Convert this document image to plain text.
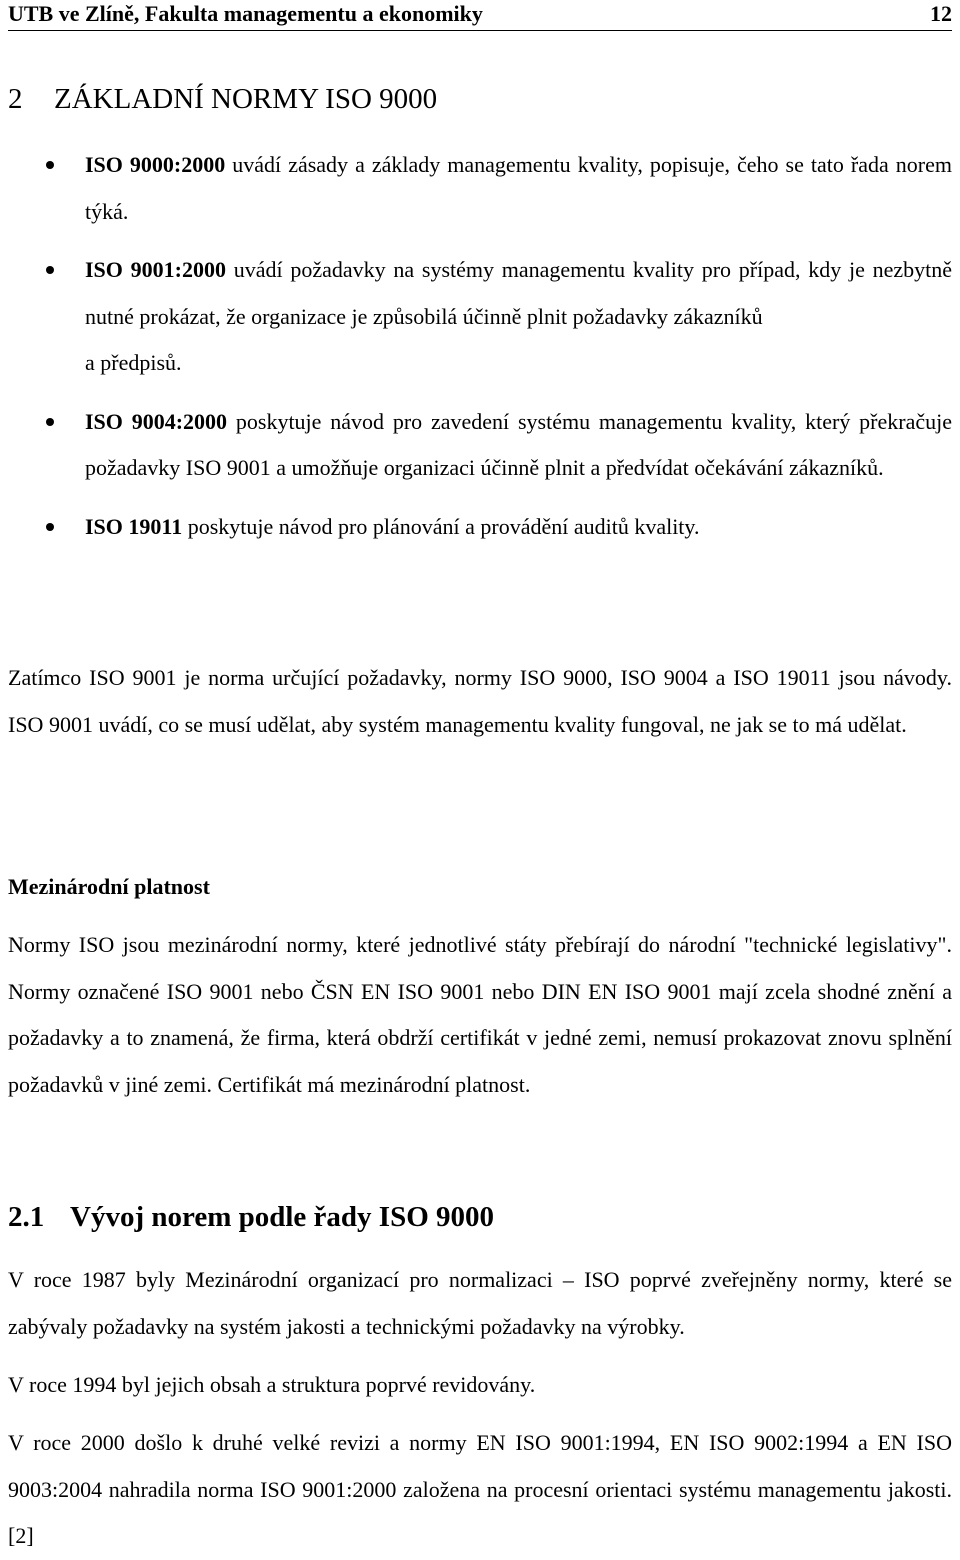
UTB ve Zlíně, Fakulta managementu a ekonomiky	12
2 ZÁKLADNÍ NORMY ISO 9000
ISO 9000:2000 uvádí zásady a základy managementu kvality, popisuje, čeho se tato řada norem týká.
ISO 9001:2000 uvádí požadavky na systémy managementu kvality pro případ, kdy je nezbytně nutné prokázat, že organizace je způsobilá účinně plnit požadavky zákazníků
a předpisů.
ISO 9004:2000 poskytuje návod pro zavedení systému managementu kvality, který překračuje požadavky ISO 9001 a umožňuje organizaci účinně plnit a předvídat očekávání zákazníků.
ISO 19011 poskytuje návod pro plánování a provádění auditů kvality.

Zatímco ISO 9001 je norma určující požadavky, normy ISO 9000, ISO 9004 a ISO 19011 jsou návody. ISO 9001 uvádí, co se musí udělat, aby systém managementu kvality fungoval, ne jak se to má udělat.

Mezinárodní platnost

Normy ISO jsou mezinárodní normy, které jednotlivé státy přebírají do národní "technické legislativy". Normy označené ISO 9001 nebo ČSN EN ISO 9001 nebo DIN EN ISO 9001 mají zcela shodné znění a požadavky a to znamená, že firma, která obdrží certifikát v jedné zemi, nemusí prokazovat znovu splnění požadavků v jiné zemi. Certifikát má mezinárodní platnost.

2.1 Vývoj norem podle řady ISO 9000

V roce 1987 byly Mezinárodní organizací pro normalizaci – ISO poprvé zveřejněny normy, které se zabývaly požadavky na systém jakosti a technickými požadavky na výrobky.

V roce 1994 byl jejich obsah a struktura poprvé revidovány.

V roce 2000 došlo k druhé velké revizi a normy EN ISO 9001:1994, EN ISO 9002:1994 a EN ISO 9003:2004 nahradila norma ISO 9001:2000 založena na procesní orientaci systému managementu jakosti. [2]
